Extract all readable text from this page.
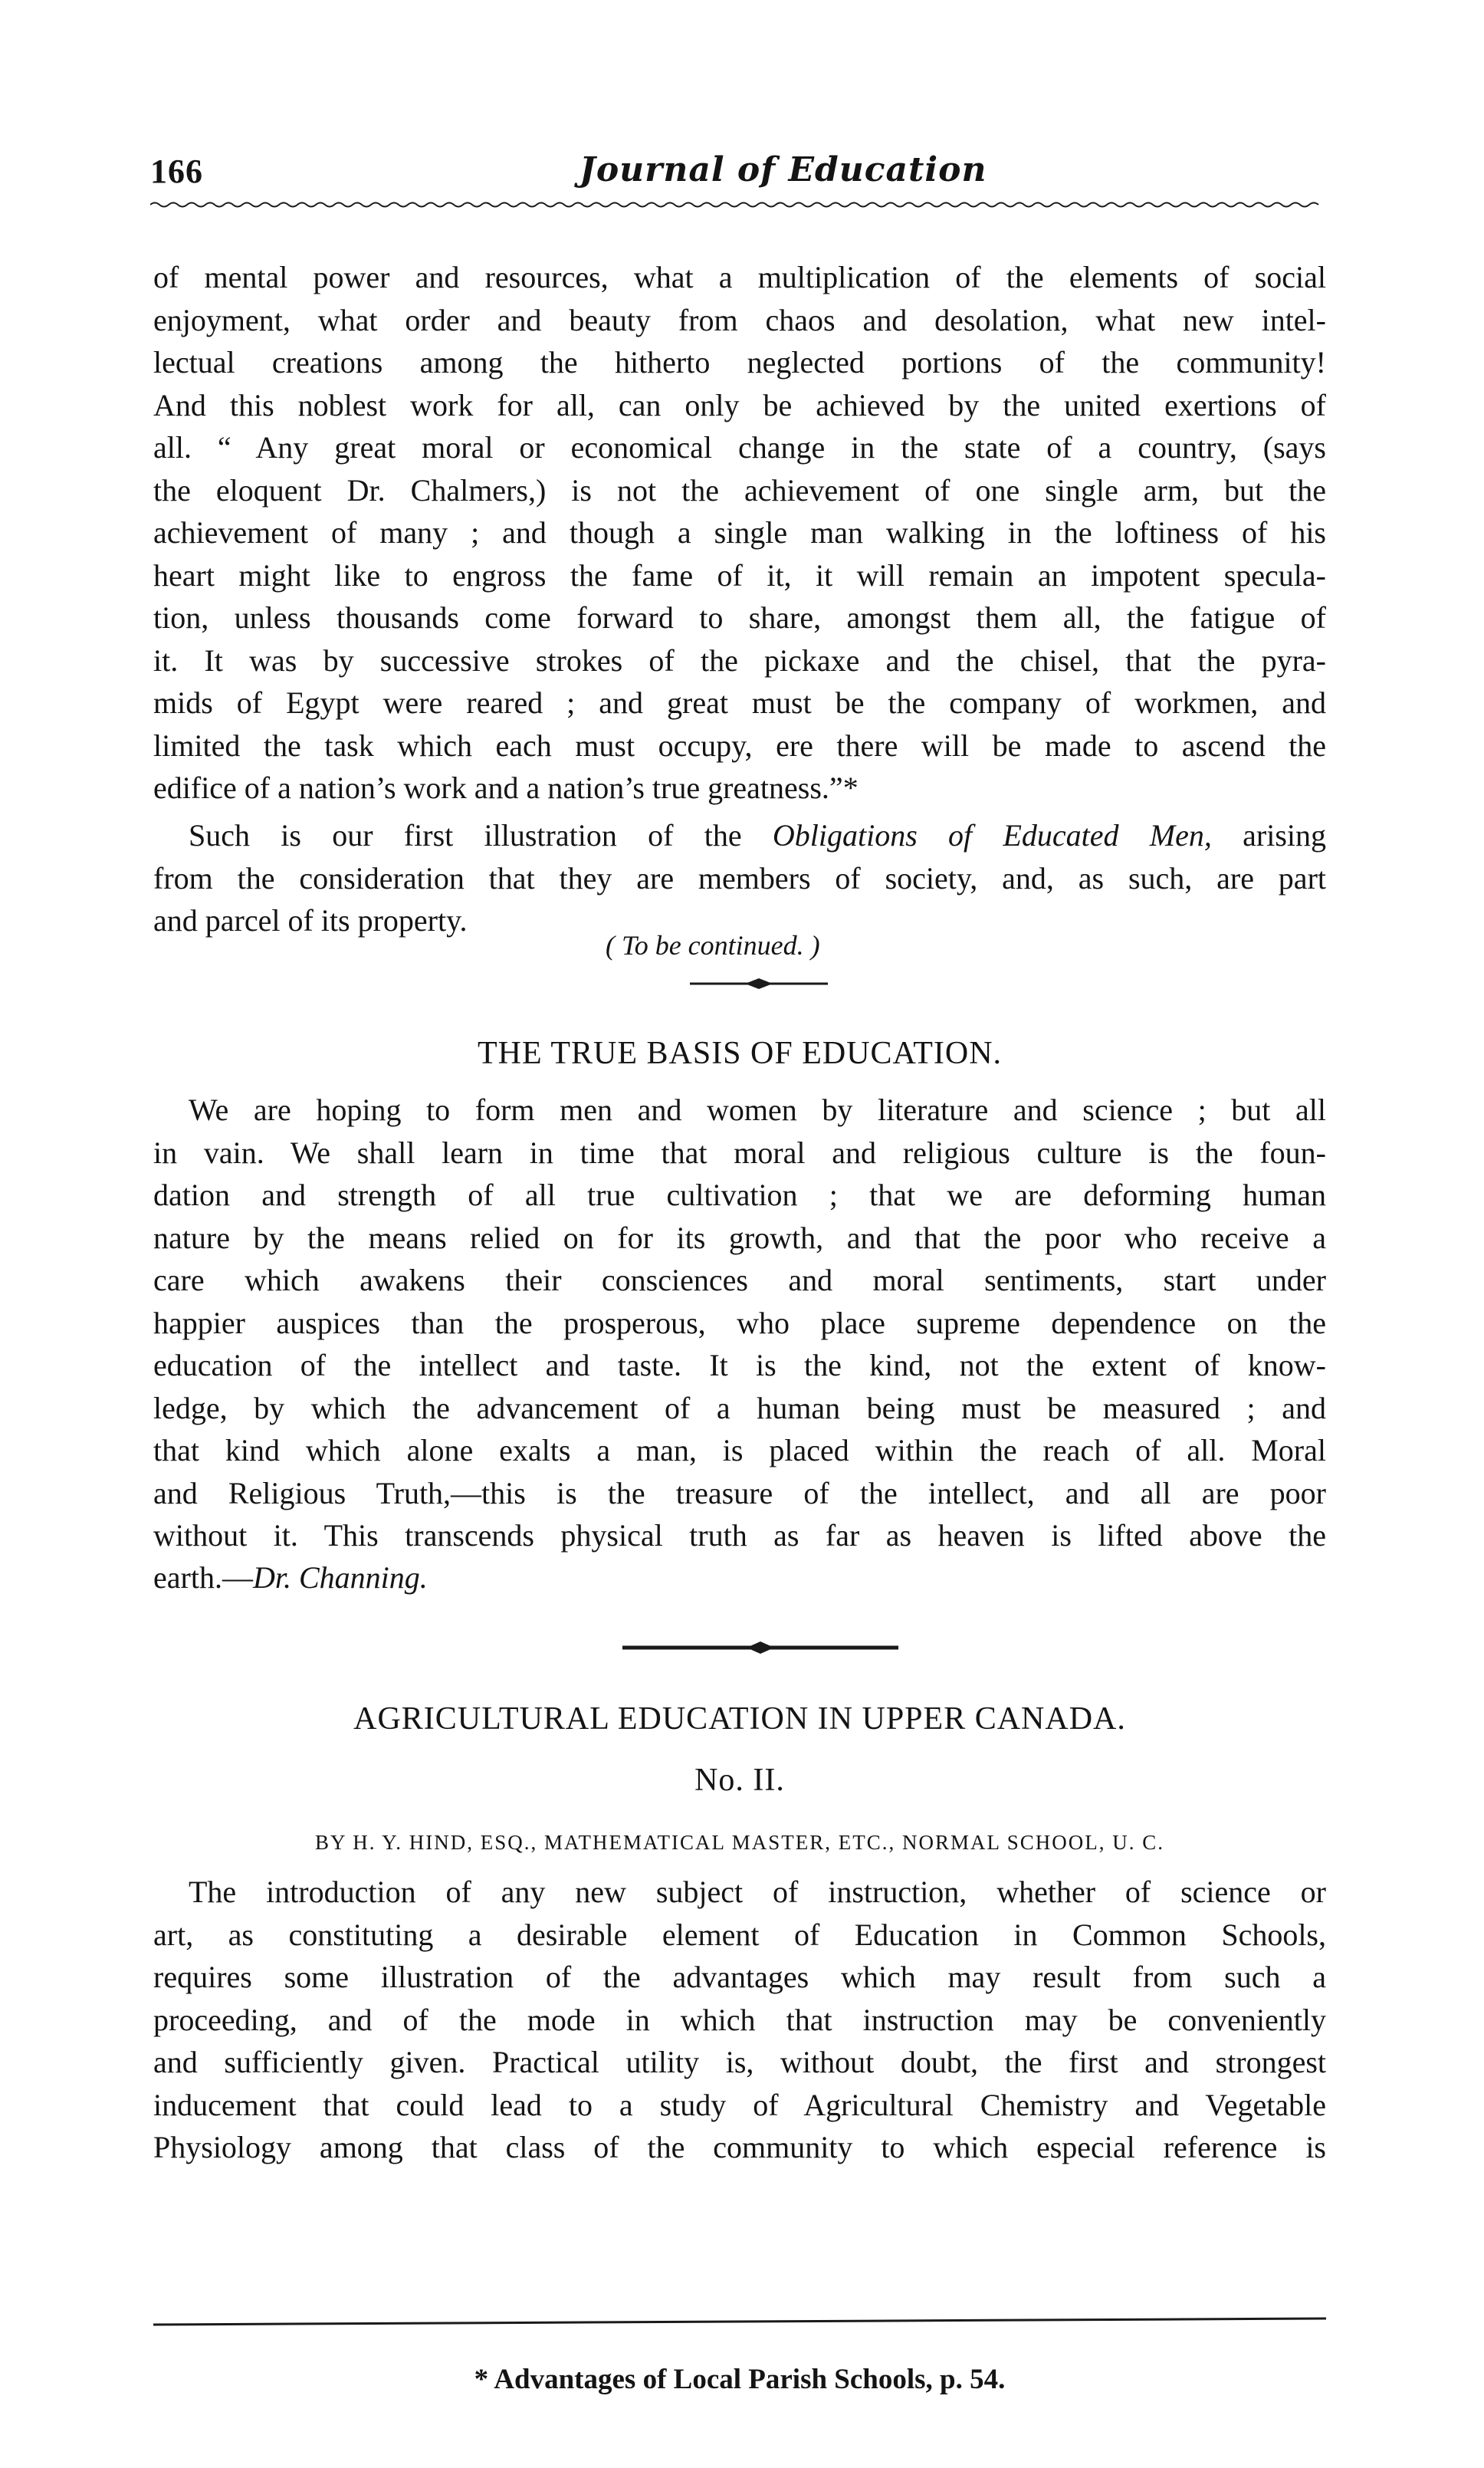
166	Journal of Education
of mental power and resources, what a multiplication of the elements of social
enjoyment, what order and beauty from chaos and desolation, what new intel-
lectual creations among the hitherto neglected portions of the community!
And this noblest work for all, can only be achieved by the united exertions of
all. “ Any great moral or economical change in the state of a country, (says
the eloquent Dr. Chalmers,) is not the achievement of one single arm, but the
achievement of many ; and though a single man walking in the loftiness of his
heart might like to engross the fame of it, it will remain an impotent specula-
tion, unless thousands come forward to share, amongst them all, the fatigue of
it. It was by successive strokes of the pickaxe and the chisel, that the pyra-
mids of Egypt were reared ; and great must be the company of workmen, and
limited the task which each must occupy, ere there will be made to ascend the
edifice of a nation’s work and a nation’s true greatness.”*
Such is our first illustration of the Obligations of Educated Men, arising
from the consideration that they are members of society, and, as such, are part
and parcel of its property.
( To be continued. )
THE TRUE BASIS OF EDUCATION.
We are hoping to form men and women by literature and science ; but all
in vain. We shall learn in time that moral and religious culture is the foun-
dation and strength of all true cultivation ; that we are deforming human
nature by the means relied on for its growth, and that the poor who receive a
care which awakens their consciences and moral sentiments, start under
happier auspices than the prosperous, who place supreme dependence on the
education of the intellect and taste. It is the kind, not the extent of know-
ledge, by which the advancement of a human being must be measured ; and
that kind which alone exalts a man, is placed within the reach of all. Moral
and Religious Truth,—this is the treasure of the intellect, and all are poor
without it. This transcends physical truth as far as heaven is lifted above the
earth.—Dr. Channing.
AGRICULTURAL EDUCATION IN UPPER CANADA.
No. II.
BY H. Y. HIND, ESQ., MATHEMATICAL MASTER, ETC., NORMAL SCHOOL, U. C.
The introduction of any new subject of instruction, whether of science or
art, as constituting a desirable element of Education in Common Schools,
requires some illustration of the advantages which may result from such a
proceeding, and of the mode in which that instruction may be conveniently
and sufficiently given. Practical utility is, without doubt, the first and strongest
inducement that could lead to a study of Agricultural Chemistry and Vegetable
Physiology among that class of the community to which especial reference is
* Advantages of Local Parish Schools, p. 54.
